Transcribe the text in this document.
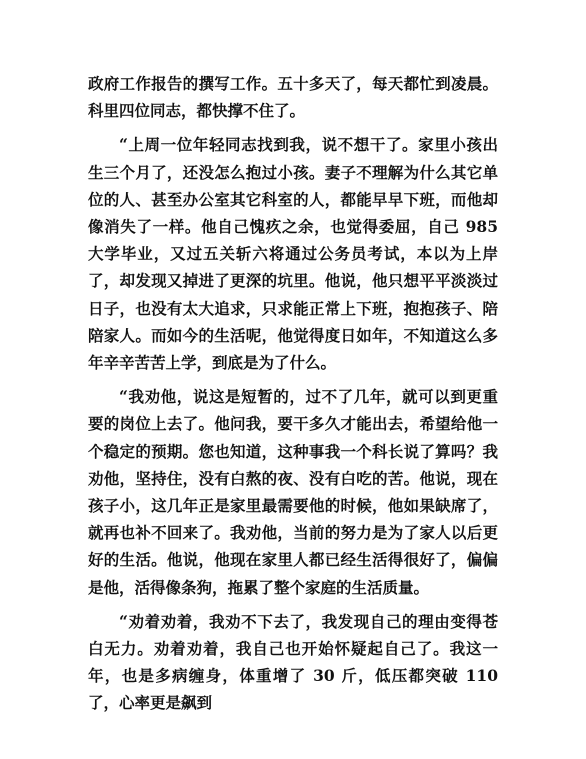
政府工作报告的撰写工作。五十多天了，每天都忙到凌晨。科里四位同志，都快撑不住了。

“上周一位年轻同志找到我，说不想干了。家里小孩出生三个月了，还没怎么抱过小孩。妻子不理解为什么其它单位的人、甚至办公室其它科室的人，都能早早下班，而他却像消失了一样。他自己愧疚之余，也觉得委屈，自己 985 大学毕业，又过五关斩六将通过公务员考试，本以为上岸了，却发现又掉进了更深的坑里。他说，他只想平平淡淡过日子，也没有太大追求，只求能正常上下班，抱抱孩子、陪陪家人。而如今的生活呢，他觉得度日如年，不知道这么多年辛辛苦苦上学，到底是为了什么。

“我劝他，说这是短暂的，过不了几年，就可以到更重要的岗位上去了。他问我，要干多久才能出去，希望给他一个稳定的预期。您也知道，这种事我一个科长说了算吗？我劝他，坚持住，没有白熬的夜、没有白吃的苦。他说，现在孩子小，这几年正是家里最需要他的时候，他如果缺席了，就再也补不回来了。我劝他，当前的努力是为了家人以后更好的生活。他说，他现在家里人都已经生活得很好了，偏偏是他，活得像条狗，拖累了整个家庭的生活质量。

“劝着劝着，我劝不下去了，我发现自己的理由变得苍白无力。劝着劝着，我自己也开始怀疑起自己了。我这一年，也是多病缠身，体重增了 30 斤，低压都突破 110 了，心率更是飙到
